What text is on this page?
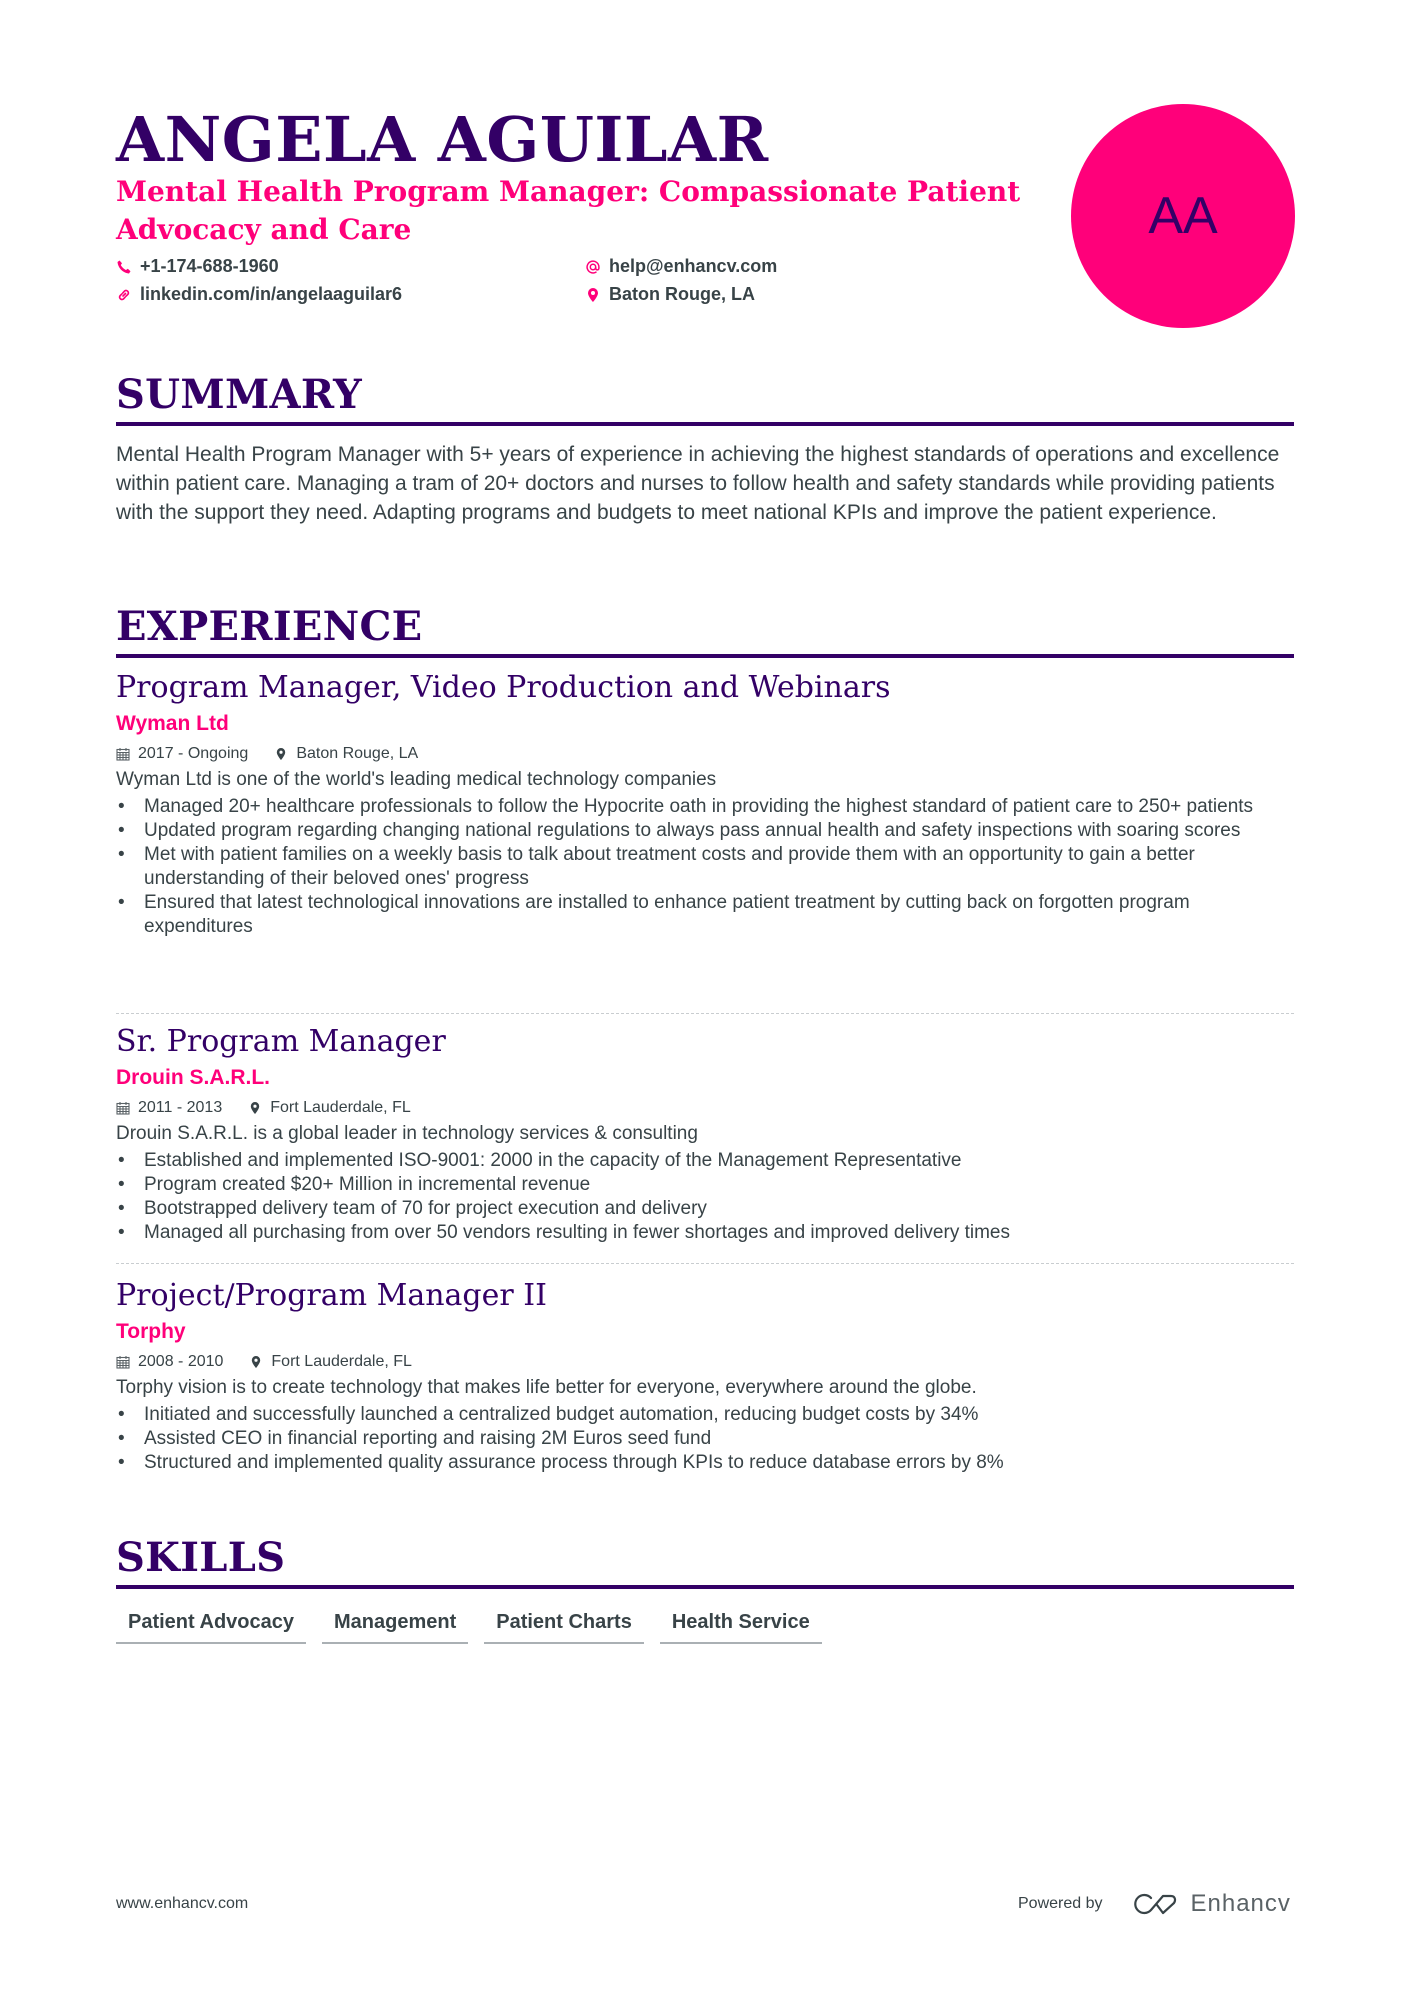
ANGELA AGUILAR
Mental Health Program Manager: Compassionate Patient Advocacy and Care
+1-174-688-1960
linkedin.com/in/angelaaguilar6
help@enhancv.com
Baton Rouge, LA
AA
SUMMARY
Mental Health Program Manager with 5+ years of experience in achieving the highest standards of operations and excellence within patient care. Managing a tram of 20+ doctors and nurses to follow health and safety standards while providing patients with the support they need. Adapting programs and budgets to meet national KPIs and improve the patient experience.
EXPERIENCE
Program Manager, Video Production and Webinars
Wyman Ltd
2017 - Ongoing	Baton Rouge, LA
Wyman Ltd is one of the world's leading medical technology companies
• Managed 20+ healthcare professionals to follow the Hypocrite oath in providing the highest standard of patient care to 250+ patients
• Updated program regarding changing national regulations to always pass annual health and safety inspections with soaring scores
• Met with patient families on a weekly basis to talk about treatment costs and provide them with an opportunity to gain a better understanding of their beloved ones' progress
• Ensured that latest technological innovations are installed to enhance patient treatment by cutting back on forgotten program expenditures
Sr. Program Manager
Drouin S.A.R.L.
2011 - 2013	Fort Lauderdale, FL
Drouin S.A.R.L. is a global leader in technology services & consulting
• Established and implemented ISO-9001: 2000 in the capacity of the Management Representative
• Program created $20+ Million in incremental revenue
• Bootstrapped delivery team of 70 for project execution and delivery
• Managed all purchasing from over 50 vendors resulting in fewer shortages and improved delivery times
Project/Program Manager II
Torphy
2008 - 2010	Fort Lauderdale, FL
Torphy vision is to create technology that makes life better for everyone, everywhere around the globe.
• Initiated and successfully launched a centralized budget automation, reducing budget costs by 34%
• Assisted CEO in financial reporting and raising 2M Euros seed fund
• Structured and implemented quality assurance process through KPIs to reduce database errors by 8%
SKILLS
Patient Advocacy	Management	Patient Charts	Health Service
www.enhancv.com	Powered by	Enhancv
